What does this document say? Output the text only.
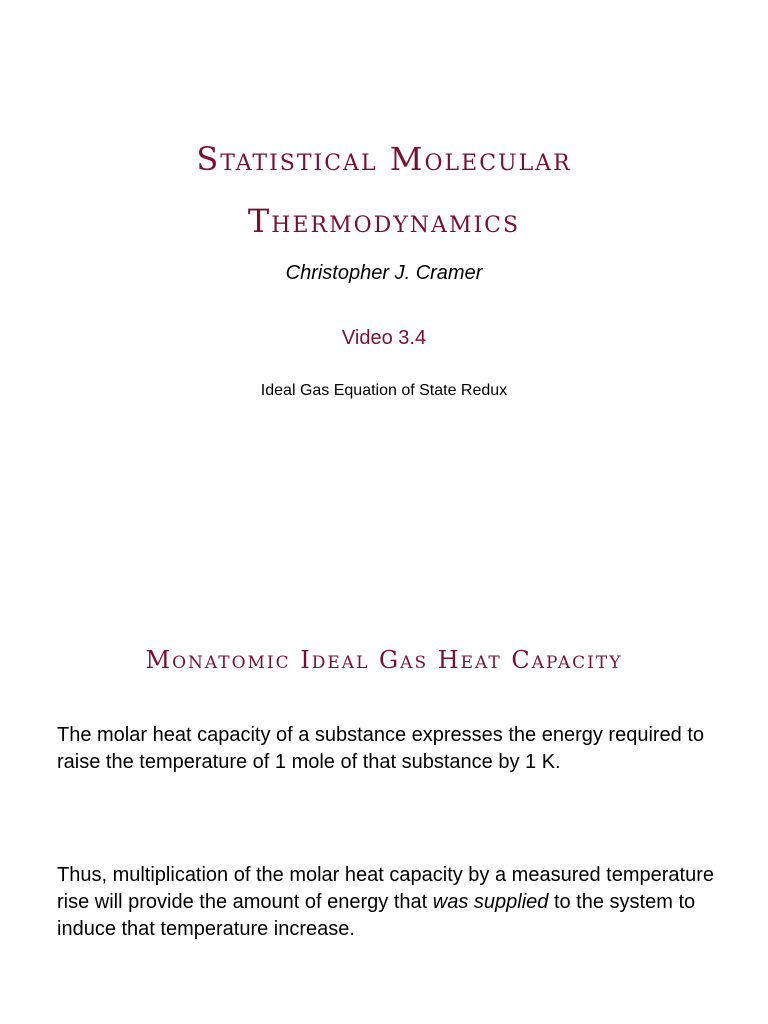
Statistical Molecular
Thermodynamics

Christopher J. Cramer

Video 3.4

Ideal Gas Equation of State Redux

Monatomic Ideal Gas Heat Capacity

The molar heat capacity of a substance expresses the energy required to raise the temperature of 1 mole of that substance by 1 K.

Thus, multiplication of the molar heat capacity by a measured temperature rise will provide the amount of energy that was supplied to the system to induce that temperature increase.
